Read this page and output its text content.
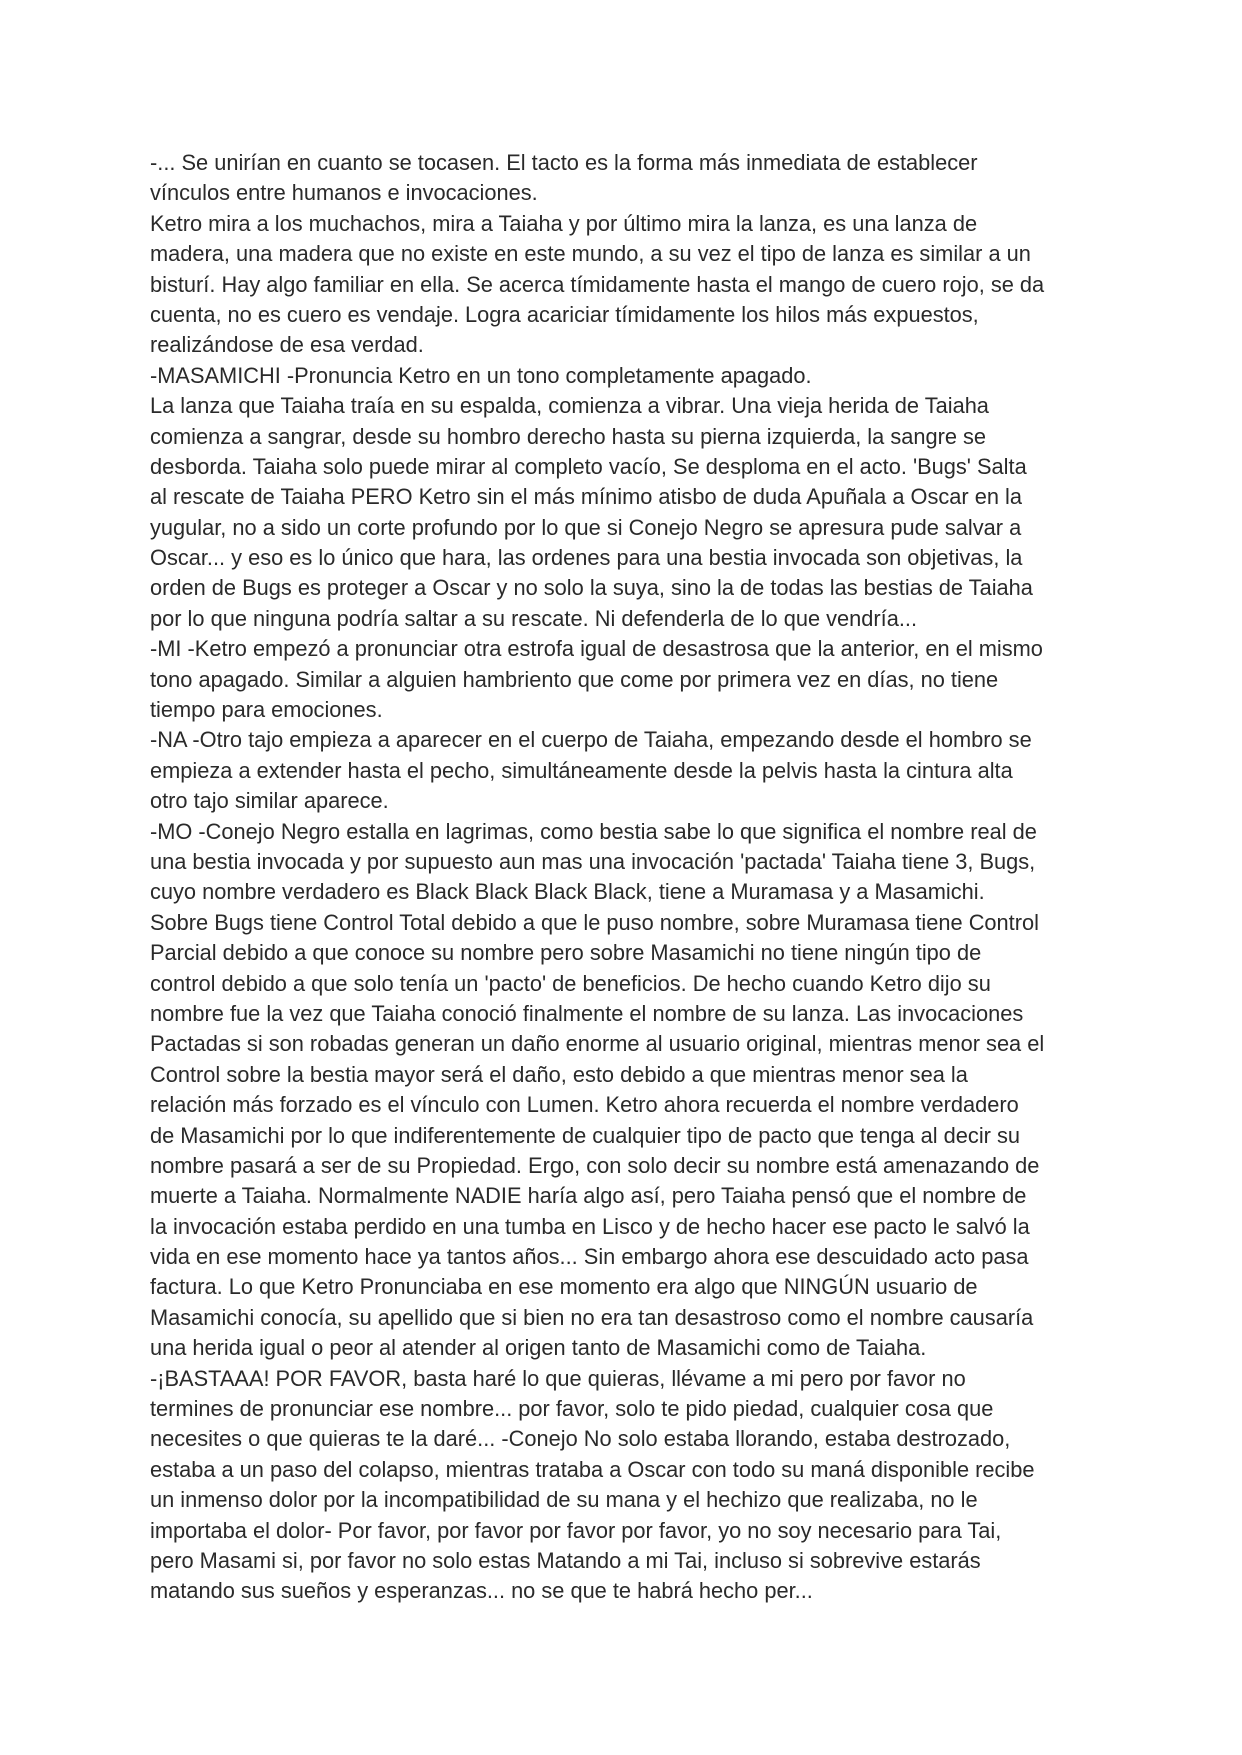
-... Se unirían en cuanto se tocasen. El tacto es la forma más inmediata de establecer
vínculos entre humanos e invocaciones.
Ketro mira a los muchachos, mira a Taiaha y por último mira la lanza, es una lanza de
madera, una madera que no existe en este mundo, a su vez el tipo de lanza es similar a un
bisturí. Hay algo familiar en ella. Se acerca tímidamente hasta el mango de cuero rojo, se da
cuenta, no es cuero es vendaje. Logra acariciar tímidamente los hilos más expuestos,
realizándose de esa verdad.
-MASAMICHI -Pronuncia Ketro en un tono completamente apagado.
La lanza que Taiaha traía en su espalda, comienza a vibrar. Una vieja herida de Taiaha
comienza a sangrar, desde su hombro derecho hasta su pierna izquierda, la sangre se
desborda. Taiaha solo puede mirar al completo vacío, Se desploma en el acto. 'Bugs' Salta
al rescate de Taiaha PERO Ketro sin el más mínimo atisbo de duda Apuñala a Oscar en la
yugular, no a sido un corte profundo por lo que si Conejo Negro se apresura pude salvar a
Oscar... y eso es lo único que hara, las ordenes para una bestia invocada son objetivas, la
orden de Bugs es proteger a Oscar y no solo la suya, sino la de todas las bestias de Taiaha
por lo que ninguna podría saltar a su rescate. Ni defenderla de lo que vendría...
-MI -Ketro empezó a pronunciar otra estrofa igual de desastrosa que la anterior, en el mismo
tono apagado. Similar a alguien hambriento que come por primera vez en días, no tiene
tiempo para emociones.
-NA -Otro tajo empieza a aparecer en el cuerpo de Taiaha, empezando desde el hombro se
empieza a extender hasta el pecho, simultáneamente desde la pelvis hasta la cintura alta
otro tajo similar aparece.
-MO -Conejo Negro estalla en lagrimas, como bestia sabe lo que significa el nombre real de
una bestia invocada y por supuesto aun mas una invocación 'pactada' Taiaha tiene 3, Bugs,
cuyo nombre verdadero es Black Black Black Black, tiene a Muramasa y a Masamichi.
Sobre Bugs tiene Control Total debido a que le puso nombre, sobre Muramasa tiene Control
Parcial debido a que conoce su nombre pero sobre Masamichi no tiene ningún tipo de
control debido a que solo tenía un 'pacto' de beneficios. De hecho cuando Ketro dijo su
nombre fue la vez que Taiaha conoció finalmente el nombre de su lanza. Las invocaciones
Pactadas si son robadas generan un daño enorme al usuario original, mientras menor sea el
Control sobre la bestia mayor será el daño, esto debido a que mientras menor sea la
relación más forzado es el vínculo con Lumen. Ketro ahora recuerda el nombre verdadero
de Masamichi por lo que indiferentemente de cualquier tipo de pacto que tenga al decir su
nombre pasará a ser de su Propiedad. Ergo, con solo decir su nombre está amenazando de
muerte a Taiaha. Normalmente NADIE haría algo así, pero Taiaha pensó que el nombre de
la invocación estaba perdido en una tumba en Lisco y de hecho hacer ese pacto le salvó la
vida en ese momento hace ya tantos años... Sin embargo ahora ese descuidado acto pasa
factura. Lo que Ketro Pronunciaba en ese momento era algo que NINGÚN usuario de
Masamichi conocía, su apellido que si bien no era tan desastroso como el nombre causaría
una herida igual o peor al atender al origen tanto de Masamichi como de Taiaha.
-¡BASTAAA! POR FAVOR, basta haré lo que quieras, llévame a mi pero por favor no
termines de pronunciar ese nombre... por favor, solo te pido piedad, cualquier cosa que
necesites o que quieras te la daré... -Conejo No solo estaba llorando, estaba destrozado,
estaba a un paso del colapso, mientras trataba a Oscar con todo su maná disponible recibe
un inmenso dolor por la incompatibilidad de su mana y el hechizo que realizaba, no le
importaba el dolor- Por favor, por favor por favor por favor, yo no soy necesario para Tai,
pero Masami si, por favor no solo estas Matando a mi Tai, incluso si sobrevive estarás
matando sus sueños y esperanzas... no se que te habrá hecho per...
